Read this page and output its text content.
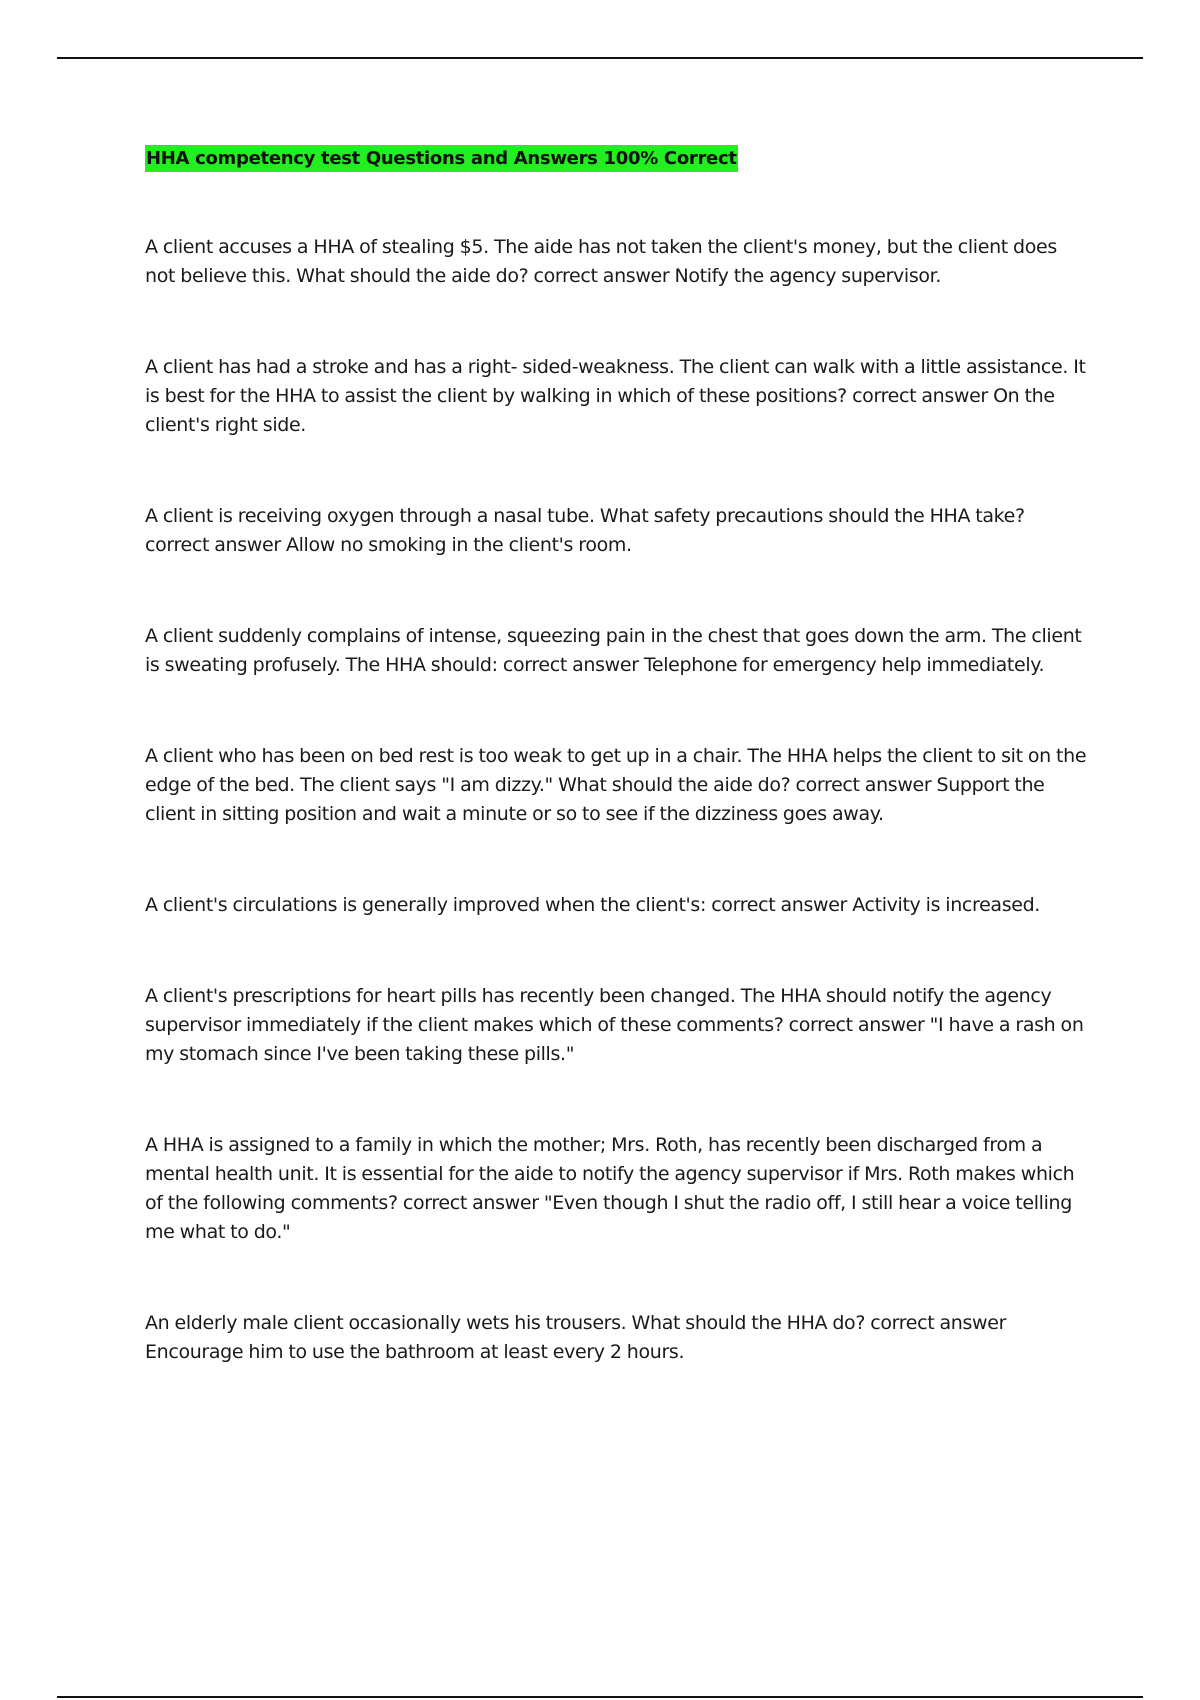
HHA competency test Questions and Answers 100% Correct

A client accuses a HHA of stealing $5. The aide has not taken the client's money, but the client does not believe this. What should the aide do? correct answer Notify the agency supervisor.

A client has had a stroke and has a right- sided-weakness. The client can walk with a little assistance. It is best for the HHA to assist the client by walking in which of these positions? correct answer On the client's right side.

A client is receiving oxygen through a nasal tube. What safety precautions should the HHA take? correct answer Allow no smoking in the client's room.

A client suddenly complains of intense, squeezing pain in the chest that goes down the arm. The client is sweating profusely. The HHA should: correct answer Telephone for emergency help immediately.

A client who has been on bed rest is too weak to get up in a chair. The HHA helps the client to sit on the edge of the bed. The client says "I am dizzy." What should the aide do? correct answer Support the client in sitting position and wait a minute or so to see if the dizziness goes away.

A client's circulations is generally improved when the client's: correct answer Activity is increased.

A client's prescriptions for heart pills has recently been changed. The HHA should notify the agency supervisor immediately if the client makes which of these comments? correct answer "I have a rash on my stomach since I've been taking these pills."

A HHA is assigned to a family in which the mother; Mrs. Roth, has recently been discharged from a mental health unit. It is essential for the aide to notify the agency supervisor if Mrs. Roth makes which of the following comments? correct answer "Even though I shut the radio off, I still hear a voice telling me what to do."

An elderly male client occasionally wets his trousers. What should the HHA do? correct answer Encourage him to use the bathroom at least every 2 hours.
